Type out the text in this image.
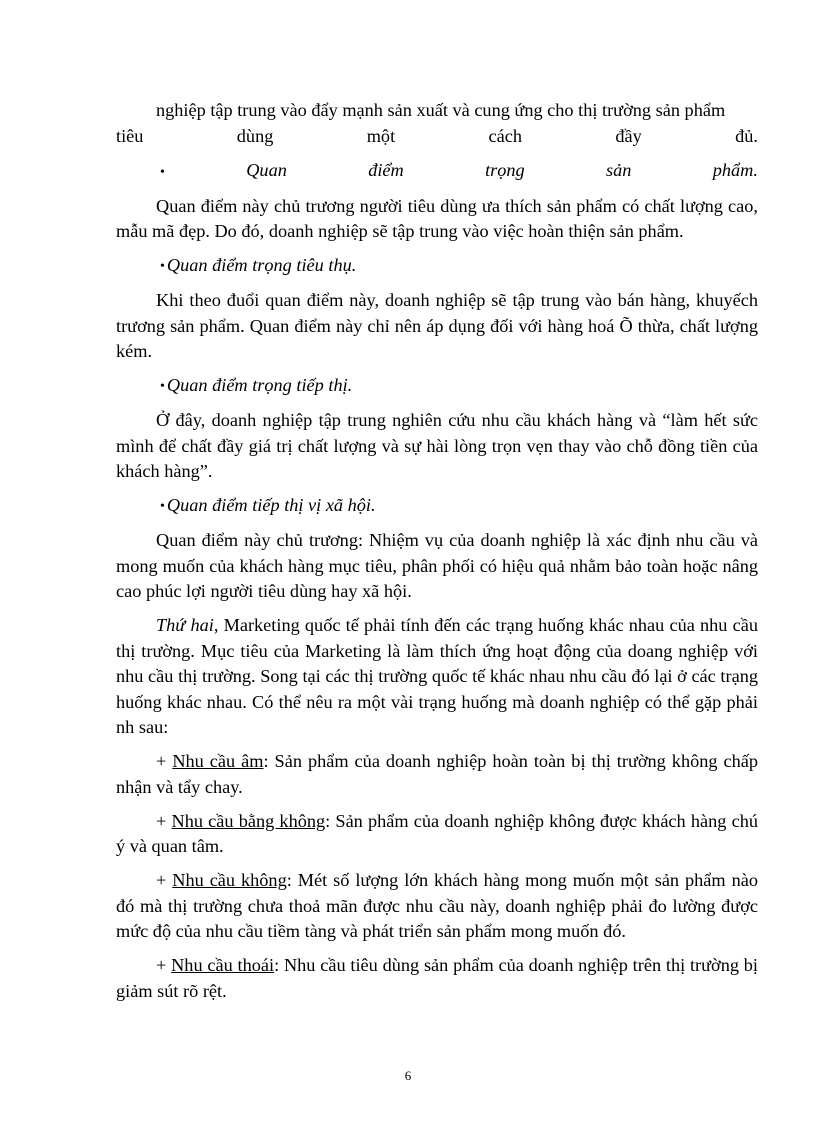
nghiệp tập trung vào đẩy mạnh sản xuất và cung ứng cho thị trường sản phẩm
tiêu	dùng	một	cách	đầy	đủ.
•	Quan	điểm	trọng	sản	phẩm.

Quan điểm này chủ trương người tiêu dùng ưa thích sản phẩm có chất lượng cao, mẫu mã đẹp. Do đó, doanh nghiệp sẽ tập trung vào việc hoàn thiện sản phẩm.

• Quan điểm trọng tiêu thụ.

Khi theo đuổi quan điểm này, doanh nghiệp sẽ tập trung vào bán hàng, khuyếch trương sản phẩm. Quan điểm này chỉ nên áp dụng đối với hàng hoá Õ thừa, chất lượng kém.

• Quan điểm trọng tiếp thị.

Ở đây, doanh nghiệp tập trung nghiên cứu nhu cầu khách hàng và “làm hết sức mình để chất đầy giá trị chất lượng và sự hài lòng trọn vẹn thay vào chỗ đồng tiền của khách hàng”.

• Quan điểm tiếp thị vị xã hội.

Quan điểm này chủ trương: Nhiệm vụ của doanh nghiệp là xác định nhu cầu và mong muốn của khách hàng mục tiêu, phân phối có hiệu quả nhằm bảo toàn hoặc nâng cao phúc lợi người tiêu dùng hay xã hội.

Thứ hai, Marketing quốc tế phải tính đến các trạng huống khác nhau của nhu cầu thị trường. Mục tiêu của Marketing là làm thích ứng hoạt động của doang nghiệp với nhu cầu thị trường. Song tại các thị trường quốc tế khác nhau nhu cầu đó lại ở các trạng huống khác nhau. Có thể nêu ra một vài trạng huống mà doanh nghiệp có thể gặp phải nh sau:

+ Nhu cầu âm: Sản phẩm của doanh nghiệp hoàn toàn bị thị trường không chấp nhận và tẩy chay.

+ Nhu cầu bằng không: Sản phẩm của doanh nghiệp không được khách hàng chú ý và quan tâm.

+ Nhu cầu không: Mét số lượng lớn khách hàng mong muốn một sản phẩm nào đó mà thị trường chưa thoả mãn được nhu cầu này, doanh nghiệp phải đo lường được mức độ của nhu cầu tiềm tàng và phát triển sản phẩm mong muốn đó.

+ Nhu cầu thoái: Nhu cầu tiêu dùng sản phẩm của doanh nghiệp trên thị trường bị giảm sút rõ rệt.

6
